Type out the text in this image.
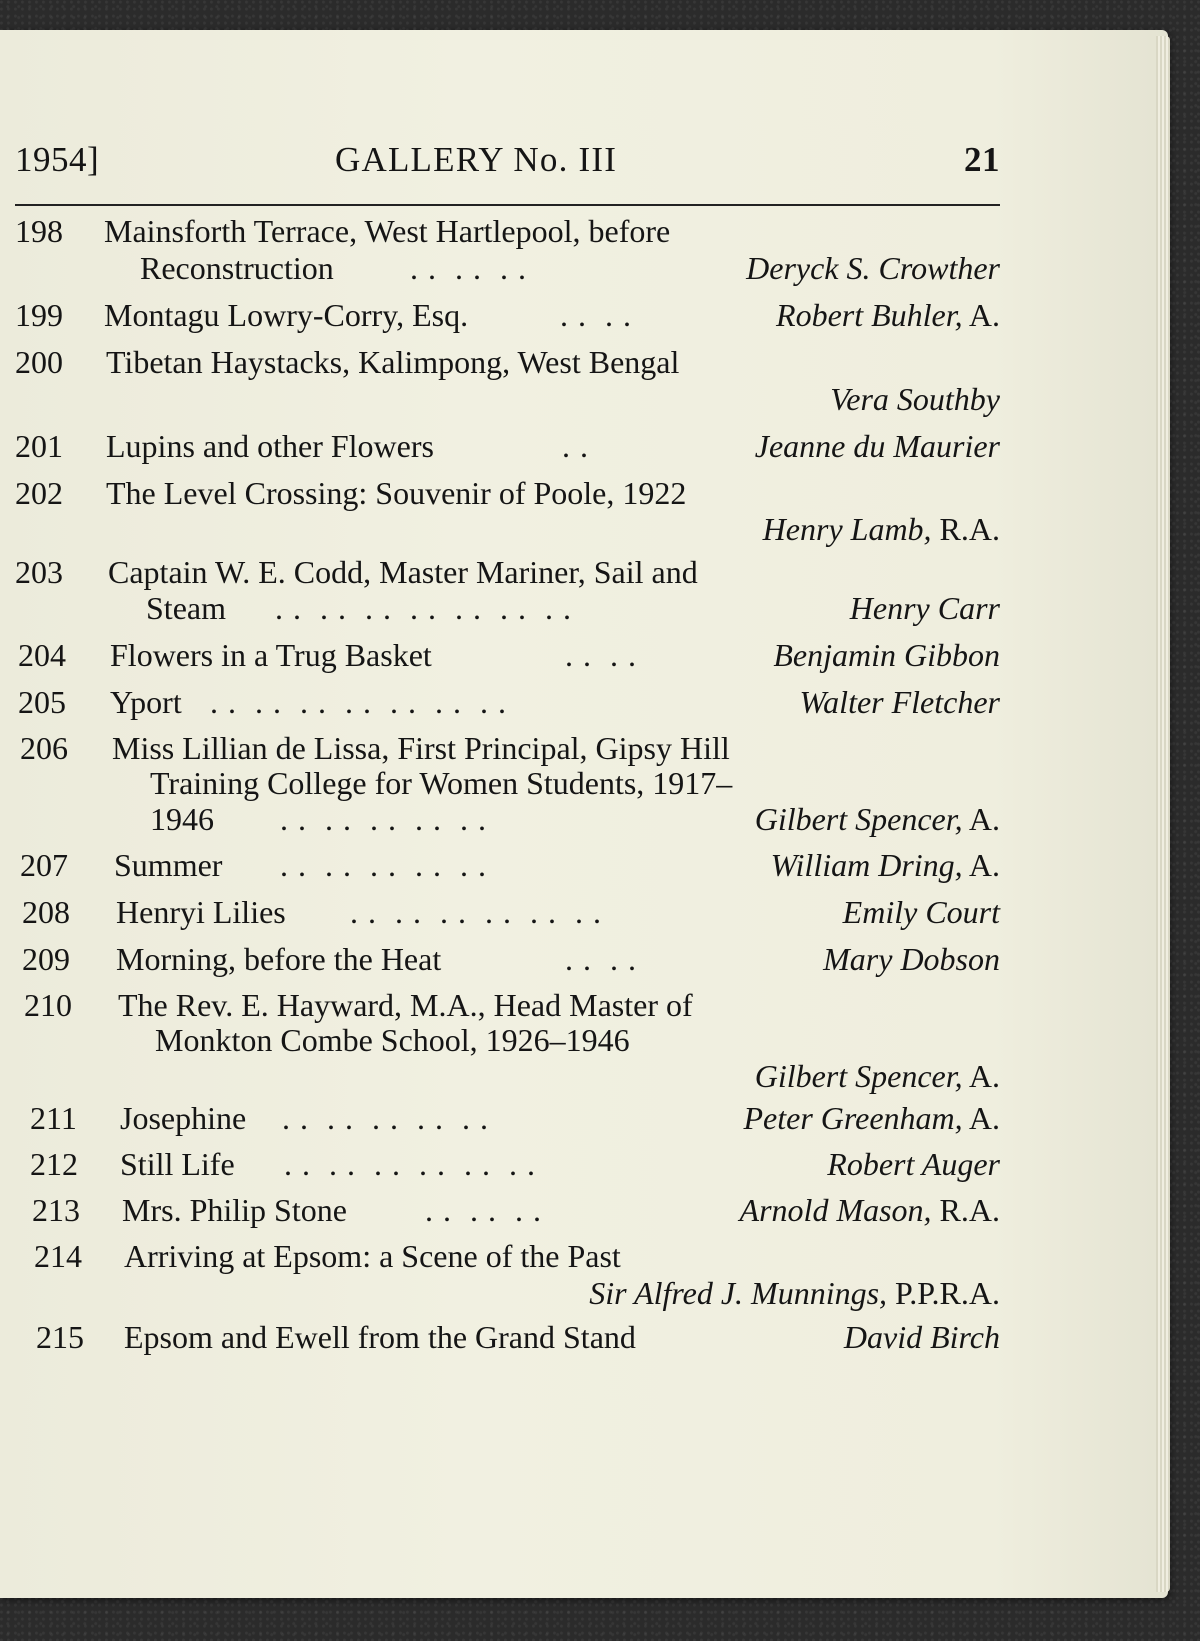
1954]	GALLERY No. III	21
198 Mainsforth Terrace, West Hartlepool, before
Reconstruction . .  . .  . .	Deryck S. Crowther
199 Montagu Lowry-Corry, Esq.	. .  . .	Robert Buhler, A.
200 Tibetan Haystacks, Kalimpong, West Bengal
Vera Southby
201 Lupins and other Flowers	. .	Jeanne du Maurier
202 The Level Crossing: Souvenir of Poole, 1922
Henry Lamb, R.A.
203 Captain W. E. Codd, Master Mariner, Sail and
Steam . .  . .  . .  . .  . .  . .  . .	Henry Carr
204 Flowers in a Trug Basket	. .  . .	Benjamin Gibbon
205 Yport . .  . .  . .  . .  . .  . .  . .	Walter Fletcher
206 Miss Lillian de Lissa, First Principal, Gipsy Hill
Training College for Women Students, 1917–
1946 . .  . .  . .  . .  . .	Gilbert Spencer, A.
207 Summer . .  . .  . .  . .  . .	William Dring, A.
208 Henryi Lilies . .  . .  . .  . .  . .  . .	Emily Court
209 Morning, before the Heat	. .  . .	Mary Dobson
210 The Rev. E. Hayward, M.A., Head Master of
Monkton Combe School, 1926–1946
Gilbert Spencer, A.
211 Josephine . .  . .  . .  . .  . .	Peter Greenham, A.
212 Still Life . .  . .  . .  . .  . .  . .	Robert Auger
213 Mrs. Philip Stone . .  . .  . .	Arnold Mason, R.A.
214 Arriving at Epsom: a Scene of the Past
Sir Alfred J. Munnings, P.P.R.A.
215 Epsom and Ewell from the Grand Stand	David Birch
